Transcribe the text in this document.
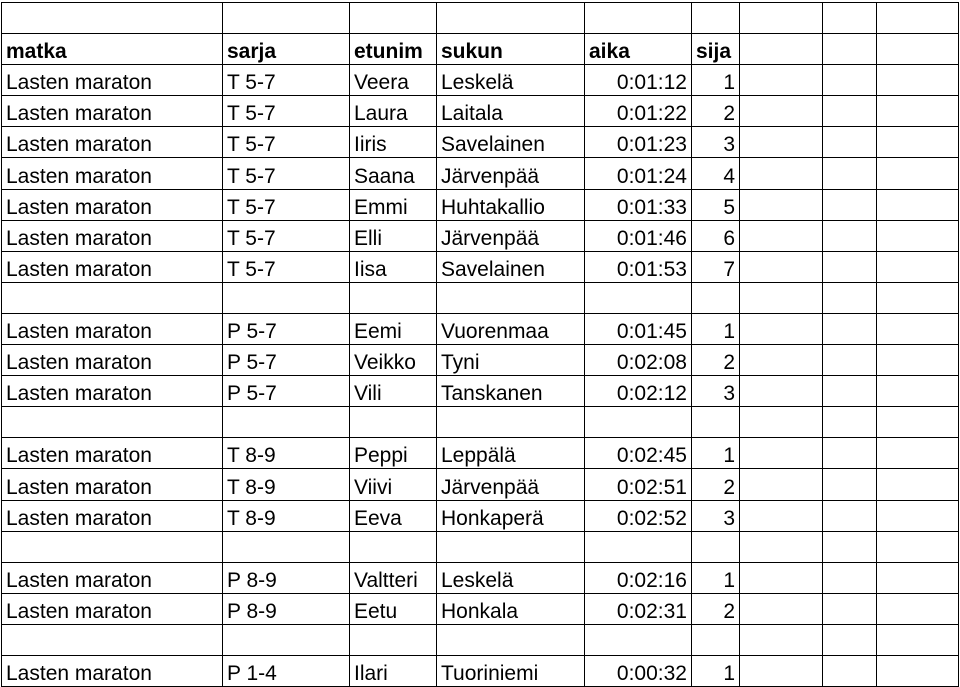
matka	sarja	etunim	sukun	aika	sija			
Lasten maraton	T 5-7	Veera	Leskelä	0:01:12	1			
Lasten maraton	T 5-7	Laura	Laitala	0:01:22	2			
Lasten maraton	T 5-7	Iiris	Savelainen	0:01:23	3			
Lasten maraton	T 5-7	Saana	Järvenpää	0:01:24	4			
Lasten maraton	T 5-7	Emmi	Huhtakallio	0:01:33	5			
Lasten maraton	T 5-7	Elli	Järvenpää	0:01:46	6			
Lasten maraton	T 5-7	Iisa	Savelainen	0:01:53	7			

Lasten maraton	P 5-7	Eemi	Vuorenmaa	0:01:45	1			
Lasten maraton	P 5-7	Veikko	Tyni	0:02:08	2			
Lasten maraton	P 5-7	Vili	Tanskanen	0:02:12	3			

Lasten maraton	T 8-9	Peppi	Leppälä	0:02:45	1			
Lasten maraton	T 8-9	Viivi	Järvenpää	0:02:51	2			
Lasten maraton	T 8-9	Eeva	Honkaperä	0:02:52	3			

Lasten maraton	P 8-9	Valtteri	Leskelä	0:02:16	1			
Lasten maraton	P 8-9	Eetu	Honkala	0:02:31	2			

Lasten maraton	P 1-4	Ilari	Tuoriniemi	0:00:32	1			
